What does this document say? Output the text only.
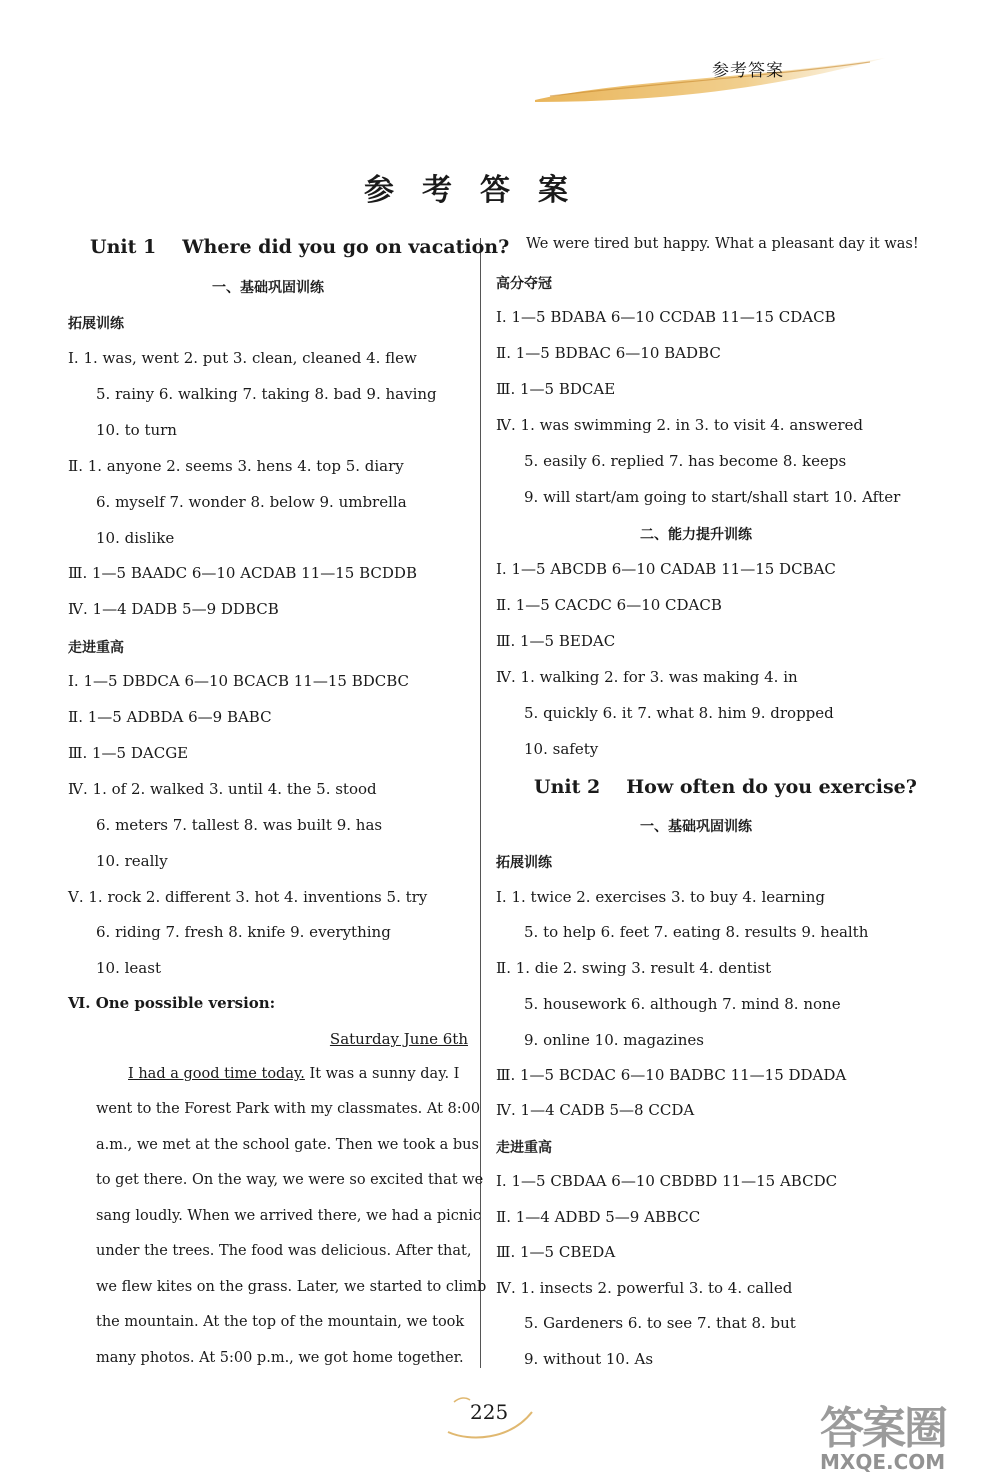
参考答案
参考答案
Unit 1 Where did you go on vacation?
一、基础巩固训练
拓展训练
Ⅰ. 1. was, went 2. put 3. clean, cleaned 4. flew
5. rainy 6. walking 7. taking 8. bad 9. having
10. to turn
Ⅱ. 1. anyone 2. seems 3. hens 4. top 5. diary
6. myself 7. wonder 8. below 9. umbrella
10. dislike
Ⅲ. 1—5 BAADC 6—10 ACDAB 11—15 BCDDB
Ⅳ. 1—4 DADB 5—9 DDBCB
走进重高
Ⅰ. 1—5 DBDCA 6—10 BCACB 11—15 BDCBC
Ⅱ. 1—5 ADBDA 6—9 BABC
Ⅲ. 1—5 DACGE
Ⅳ. 1. of 2. walked 3. until 4. the 5. stood
6. meters 7. tallest 8. was built 9. has
10. really
Ⅴ. 1. rock 2. different 3. hot 4. inventions 5. try
6. riding 7. fresh 8. knife 9. everything
10. least
Ⅵ. One possible version:
Saturday June 6th
I had a good time today. It was a sunny day. I
went to the Forest Park with my classmates. At 8:00
a.m., we met at the school gate. Then we took a bus
to get there. On the way, we were so excited that we
sang loudly. When we arrived there, we had a picnic
under the trees. The food was delicious. After that,
we flew kites on the grass. Later, we started to climb
the mountain. At the top of the mountain, we took
many photos. At 5:00 p.m., we got home together.
We were tired but happy. What a pleasant day it was!
高分夺冠
Ⅰ. 1—5 BDABA 6—10 CCDAB 11—15 CDACB
Ⅱ. 1—5 BDBAC 6—10 BADBC
Ⅲ. 1—5 BDCAE
Ⅳ. 1. was swimming 2. in 3. to visit 4. answered
5. easily 6. replied 7. has become 8. keeps
9. will start/am going to start/shall start 10. After
二、能力提升训练
Ⅰ. 1—5 ABCDB 6—10 CADAB 11—15 DCBAC
Ⅱ. 1—5 CACDC 6—10 CDACB
Ⅲ. 1—5 BEDAC
Ⅳ. 1. walking 2. for 3. was making 4. in
5. quickly 6. it 7. what 8. him 9. dropped
10. safety
Unit 2 How often do you exercise?
一、基础巩固训练
拓展训练
Ⅰ. 1. twice 2. exercises 3. to buy 4. learning
5. to help 6. feet 7. eating 8. results 9. health
Ⅱ. 1. die 2. swing 3. result 4. dentist
5. housework 6. although 7. mind 8. none
9. online 10. magazines
Ⅲ. 1—5 BCDAC 6—10 BADBC 11—15 DDADA
Ⅳ. 1—4 CADB 5—8 CCDA
走进重高
Ⅰ. 1—5 CBDAA 6—10 CBDBD 11—15 ABCDC
Ⅱ. 1—4 ADBD 5—9 ABBCC
Ⅲ. 1—5 CBEDA
Ⅳ. 1. insects 2. powerful 3. to 4. called
5. Gardeners 6. to see 7. that 8. but
9. without 10. As
225	答案圈
MXQE.COM
